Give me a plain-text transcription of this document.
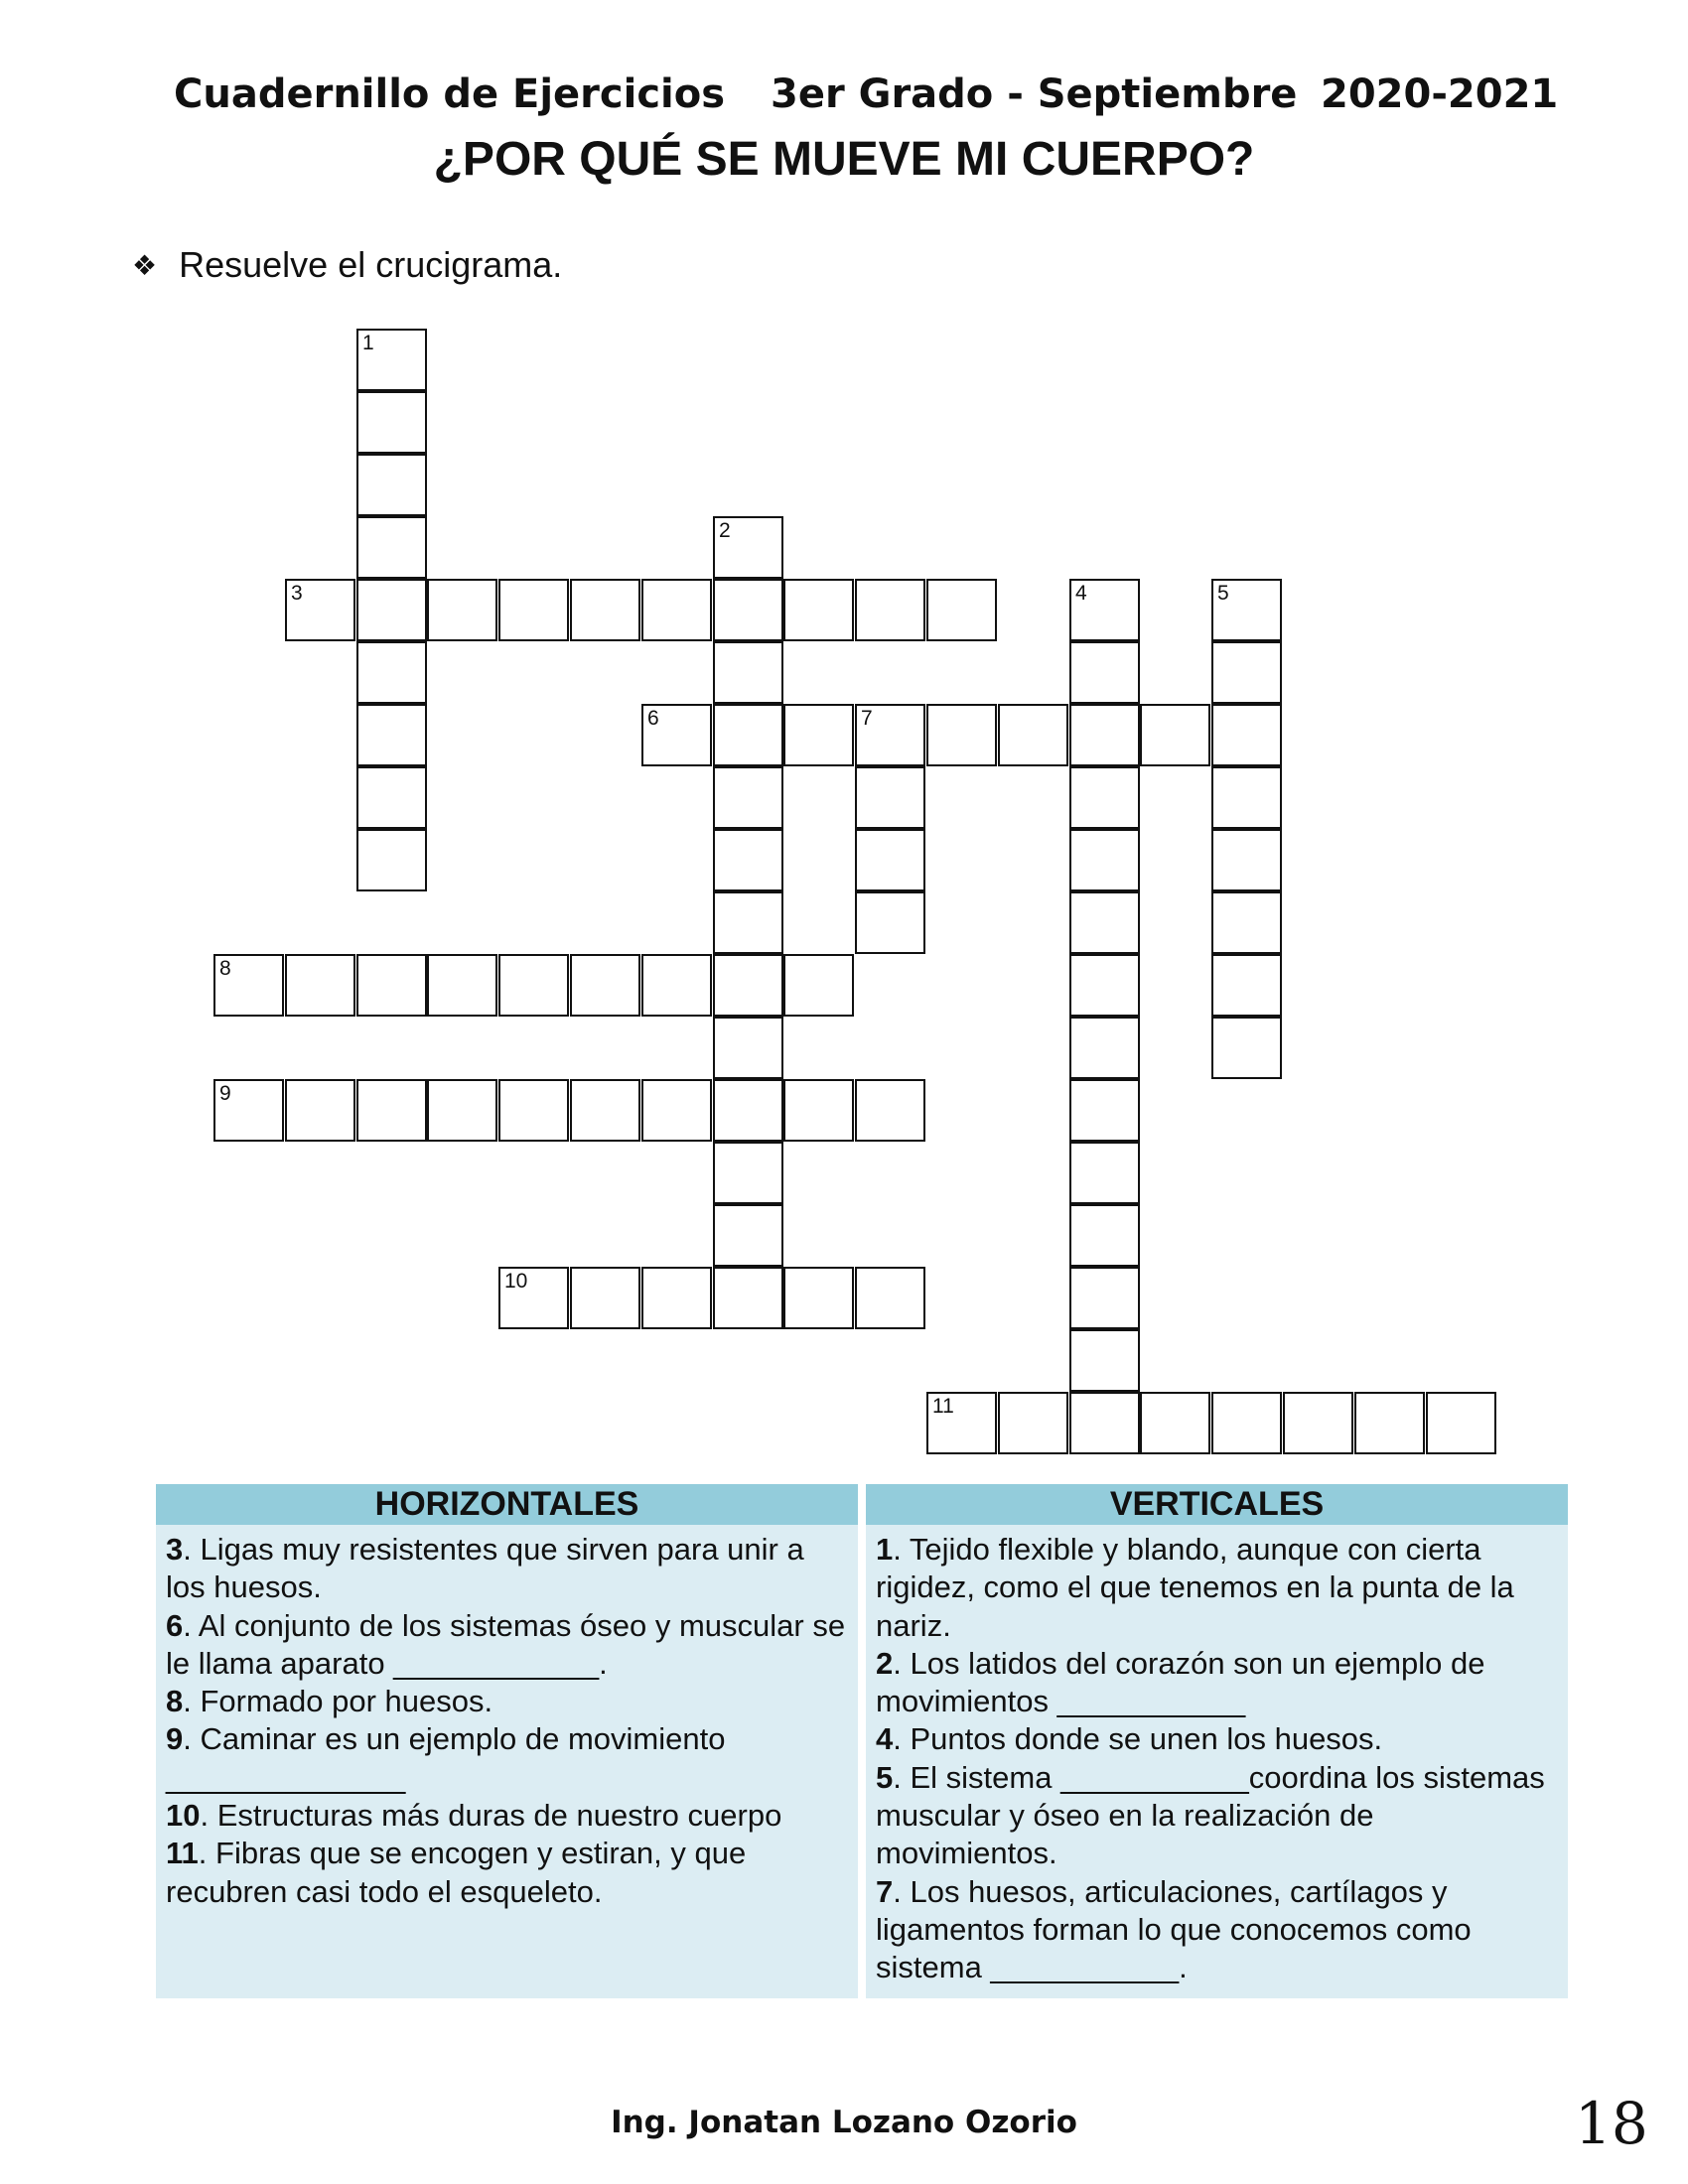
Cuadernillo de Ejercicios 3er Grado - Septiembre 2020-2021
¿POR QUÉ SE MUEVE MI CUERPO?
❖ Resuelve el crucigrama.
1
2
3	4	5
6	7
8
9
10
11
HORIZONTALES

3. Ligas muy resistentes que sirven para unir a los huesos.

6. Al conjunto de los sistemas óseo y muscular se le llama aparato ____________.

8. Formado por huesos.

9. Caminar es un ejemplo de movimiento ______________

10. Estructuras más duras de nuestro cuerpo

11. Fibras que se encogen y estiran, y que recubren casi todo el esqueleto.

VERTICALES

1. Tejido flexible y blando, aunque con cierta rigidez, como el que tenemos en la punta de la nariz.

2. Los latidos del corazón son un ejemplo de movimientos ___________

4. Puntos donde se unen los huesos.

5. El sistema ___________coordina los sistemas muscular y óseo en la realización de movimientos.

7. Los huesos, articulaciones, cartílagos y ligamentos forman lo que conocemos como sistema ___________.

Ing. Jonatan Lozano Ozorio	18
